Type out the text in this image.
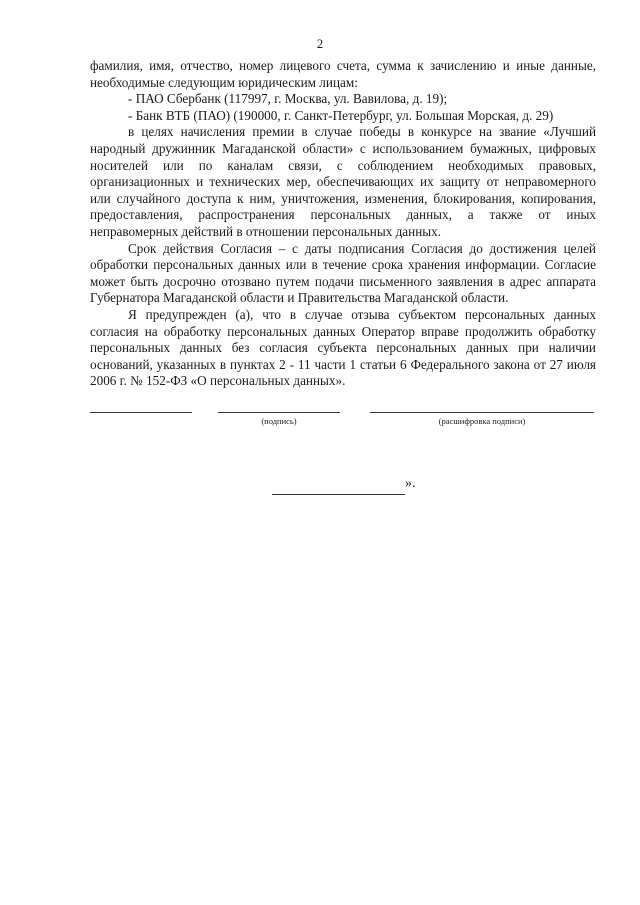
2

фамилия, имя, отчество, номер лицевого счета, сумма к зачислению и иные данные, необходимые следующим юридическим лицам:

- ПАО Сбербанк (117997, г. Москва, ул. Вавилова, д. 19);

- Банк ВТБ (ПАО) (190000, г. Санкт-Петербург, ул. Большая Морская, д. 29)

в целях начисления премии в случае победы в конкурсе на звание «Лучший народный дружинник Магаданской области» с использованием бумажных, цифровых носителей или по каналам связи, с соблюдением необходимых правовых, организационных и технических мер, обеспечивающих их защиту от неправомерного или случайного доступа к ним, уничтожения, изменения, блокирования, копирования, предоставления, распространения персональных данных, а также от иных неправомерных действий в отношении персональных данных.

Срок действия Согласия – с даты подписания Согласия до достижения целей обработки персональных данных или в течение срока хранения информации. Согласие может быть досрочно отозвано путем подачи письменного заявления в адрес аппарата Губернатора Магаданской области и Правительства Магаданской области.

Я предупрежден (а), что в случае отзыва субъектом персональных данных согласия на обработку персональных данных Оператор вправе продолжить обработку персональных данных без согласия субъекта персональных данных при наличии оснований, указанных в пунктах 2 - 11 части 1 статьи 6 Федерального закона от 27 июля 2006 г. № 152-ФЗ «О персональных данных».

(подпись)	(расшифровка подписи)
».
